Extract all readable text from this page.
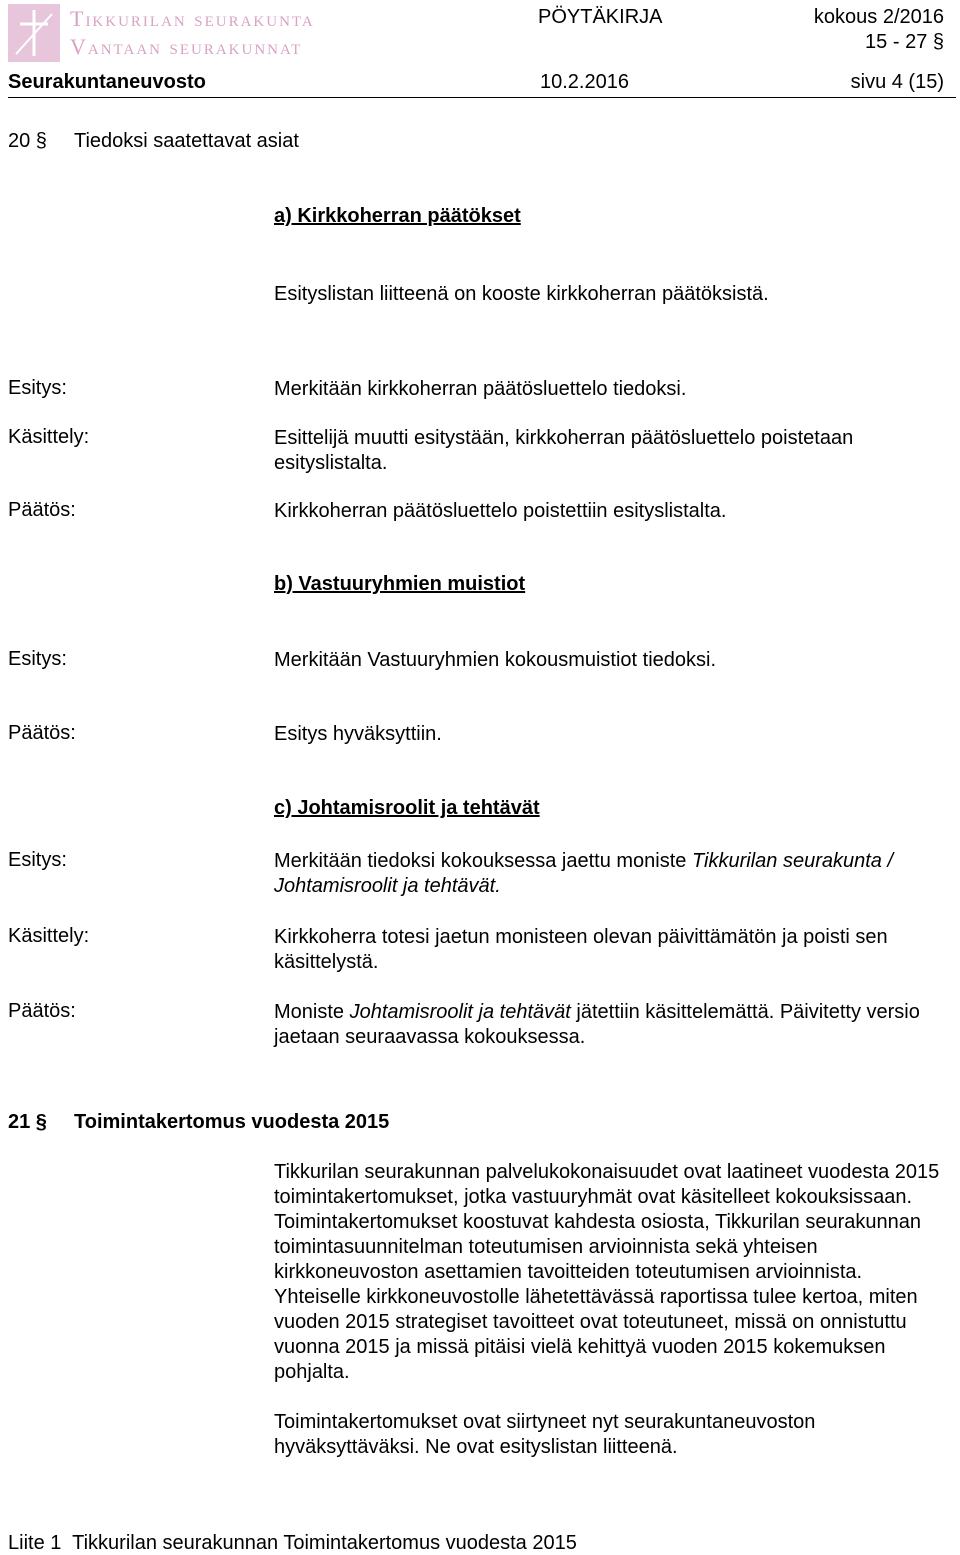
Tikkurilan seurakunta
Vantaan seurakunnat
PÖYTÄKIRJA	kokous 2/2016
15 - 27 §
Seurakuntaneuvosto	10.2.2016	sivu 4 (15)
20 § Tiedoksi saatettavat asiat
a) Kirkkoherran päätökset
Esityslistan liitteenä on kooste kirkkoherran päätöksistä.
Esitys:	Merkitään kirkkoherran päätösluettelo tiedoksi.
Käsittely:	Esittelijä muutti esitystään, kirkkoherran päätösluettelo poistetaan esityslistalta.
Päätös:	Kirkkoherran päätösluettelo poistettiin esityslistalta.
b) Vastuuryhmien muistiot
Esitys:	Merkitään Vastuuryhmien kokousmuistiot tiedoksi.
Päätös:	Esitys hyväksyttiin.
c) Johtamisroolit ja tehtävät
Esitys:	Merkitään tiedoksi kokouksessa jaettu moniste Tikkurilan seurakunta / Johtamisroolit ja tehtävät.
Käsittely:	Kirkkoherra totesi jaetun monisteen olevan päivittämätön ja poisti sen käsittelystä.
Päätös:	Moniste Johtamisroolit ja tehtävät jätettiin käsittelemättä. Päivitetty versio jaetaan seuraavassa kokouksessa.
21 § Toimintakertomus vuodesta 2015
Tikkurilan seurakunnan palvelukokonaisuudet ovat laatineet vuodesta 2015 toimintakertomukset, jotka vastuuryhmät ovat käsitelleet kokouksissaan. Toimintakertomukset koostuvat kahdesta osiosta, Tikkurilan seurakunnan toimintasuunnitelman toteutumisen arvioinnista sekä yhteisen kirkkoneuvoston asettamien tavoitteiden toteutumisen arvioinnista. Yhteiselle kirkkoneuvostolle lähetettävässä raportissa tulee kertoa, miten vuoden 2015 strategiset tavoitteet ovat toteutuneet, missä on onnistuttu vuonna 2015 ja missä pitäisi vielä kehittyä vuoden 2015 kokemuksen pohjalta.
Toimintakertomukset ovat siirtyneet nyt seurakuntaneuvoston hyväksyttäväksi. Ne ovat esityslistan liitteenä.
Liite 1  Tikkurilan seurakunnan Toimintakertomus vuodesta 2015
